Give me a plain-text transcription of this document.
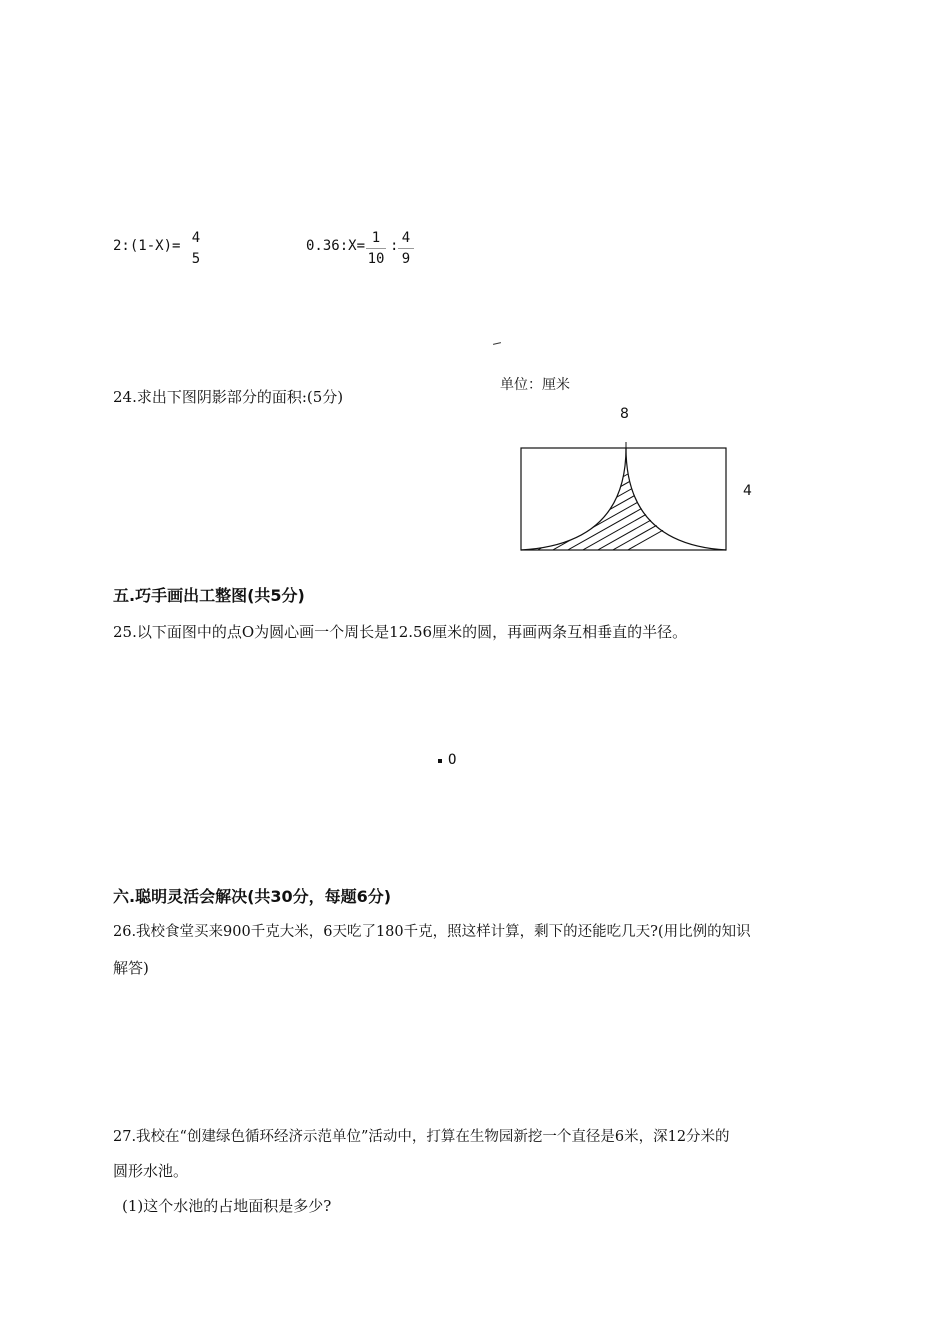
2:(1-X)= 4
5
0.36:X= 1
10
: 4
9
24.求出下图阴影部分的面积:(5分)
单位：厘米
8
4
五.巧手画出工整图(共5分)
25.以下面图中的点O为圆心画一个周长是12.56厘米的圆，再画两条互相垂直的半径。
O
六.聪明灵活会解决(共30分，每题6分)
26.我校食堂买来900千克大米，6天吃了180千克，照这样计算，剩下的还能吃几天?(用比例的知识
解答)
27.我校在“创建绿色循环经济示范单位”活动中，打算在生物园新挖一个直径是6米，深12分米的
圆形水池。
(1)这个水池的占地面积是多少?
